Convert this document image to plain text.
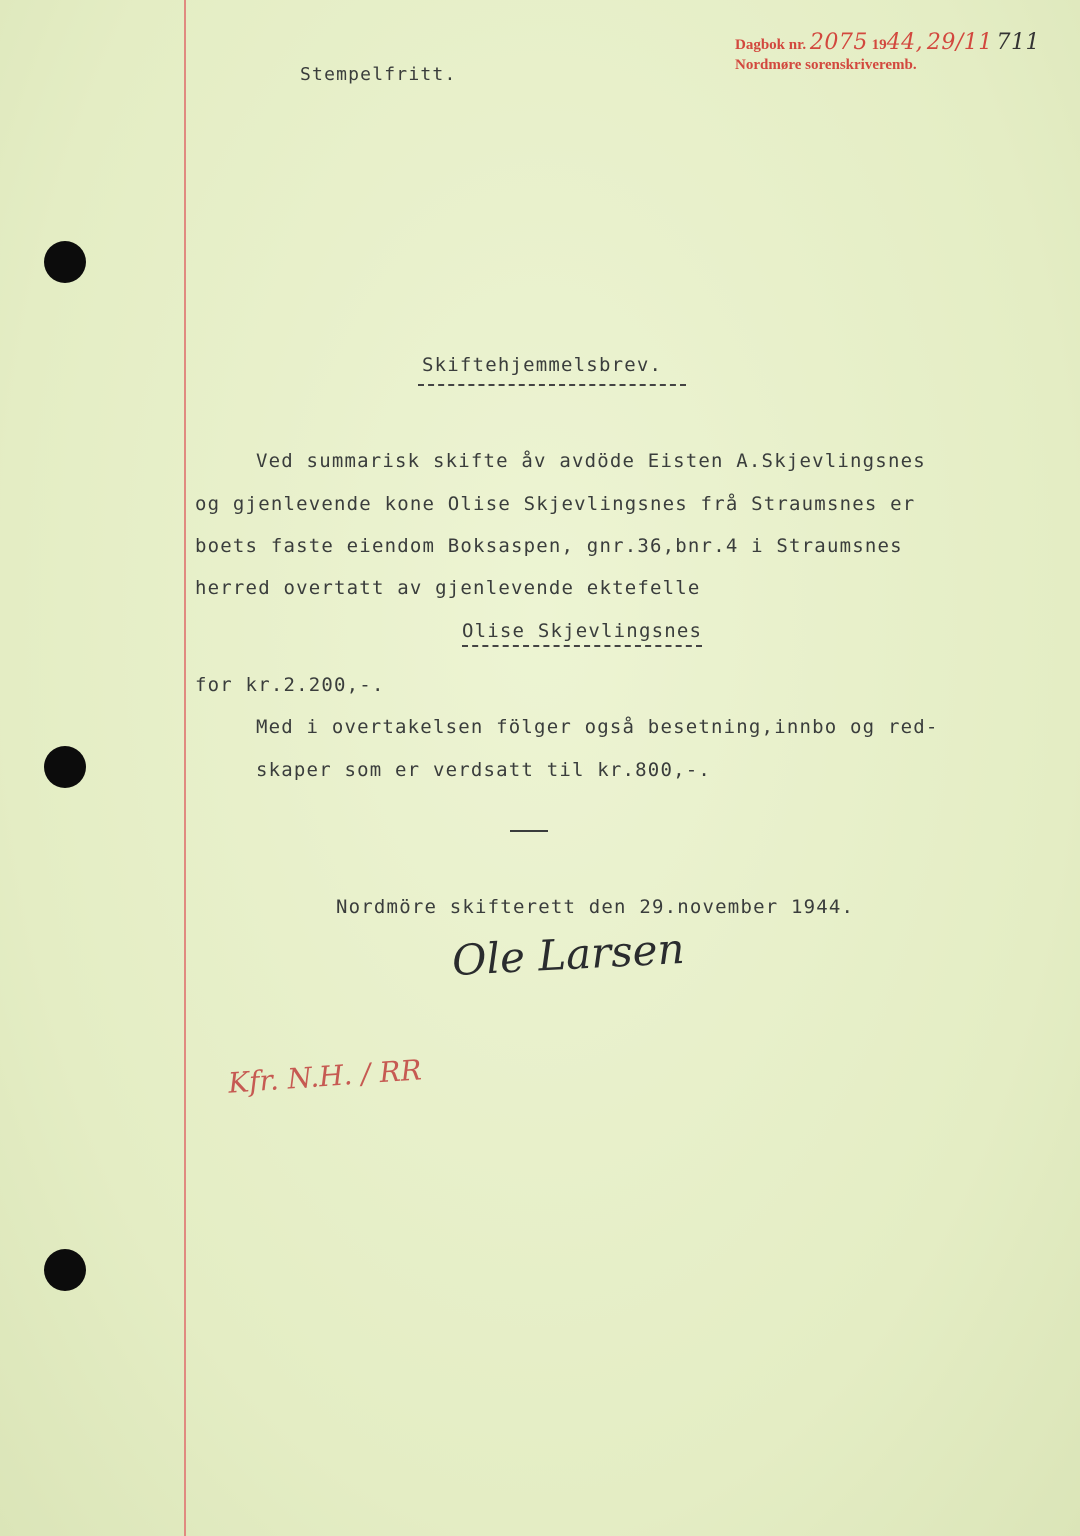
Dagbok nr. 2075 1944, 29/11 711
Nordmøre sorenskriveremb.
Stempelfritt.
Skiftehjemmelsbrev.
Ved summarisk skifte åv avdöde Eisten A.Skjevlingsnes
og gjenlevende kone Olise Skjevlingsnes frå Straumsnes er
boets faste eiendom Boksaspen, gnr.36,bnr.4 i Straumsnes
herred overtatt av gjenlevende ektefelle
Olise Skjevlingsnes
for kr.2.200,-.
Med i overtakelsen fölger også besetning,innbo og red-
skaper som er verdsatt til kr.800,-.
Nordmöre skifterett den 29.november 1944.
Ole Larsen
Kfr. N.H. / RR
